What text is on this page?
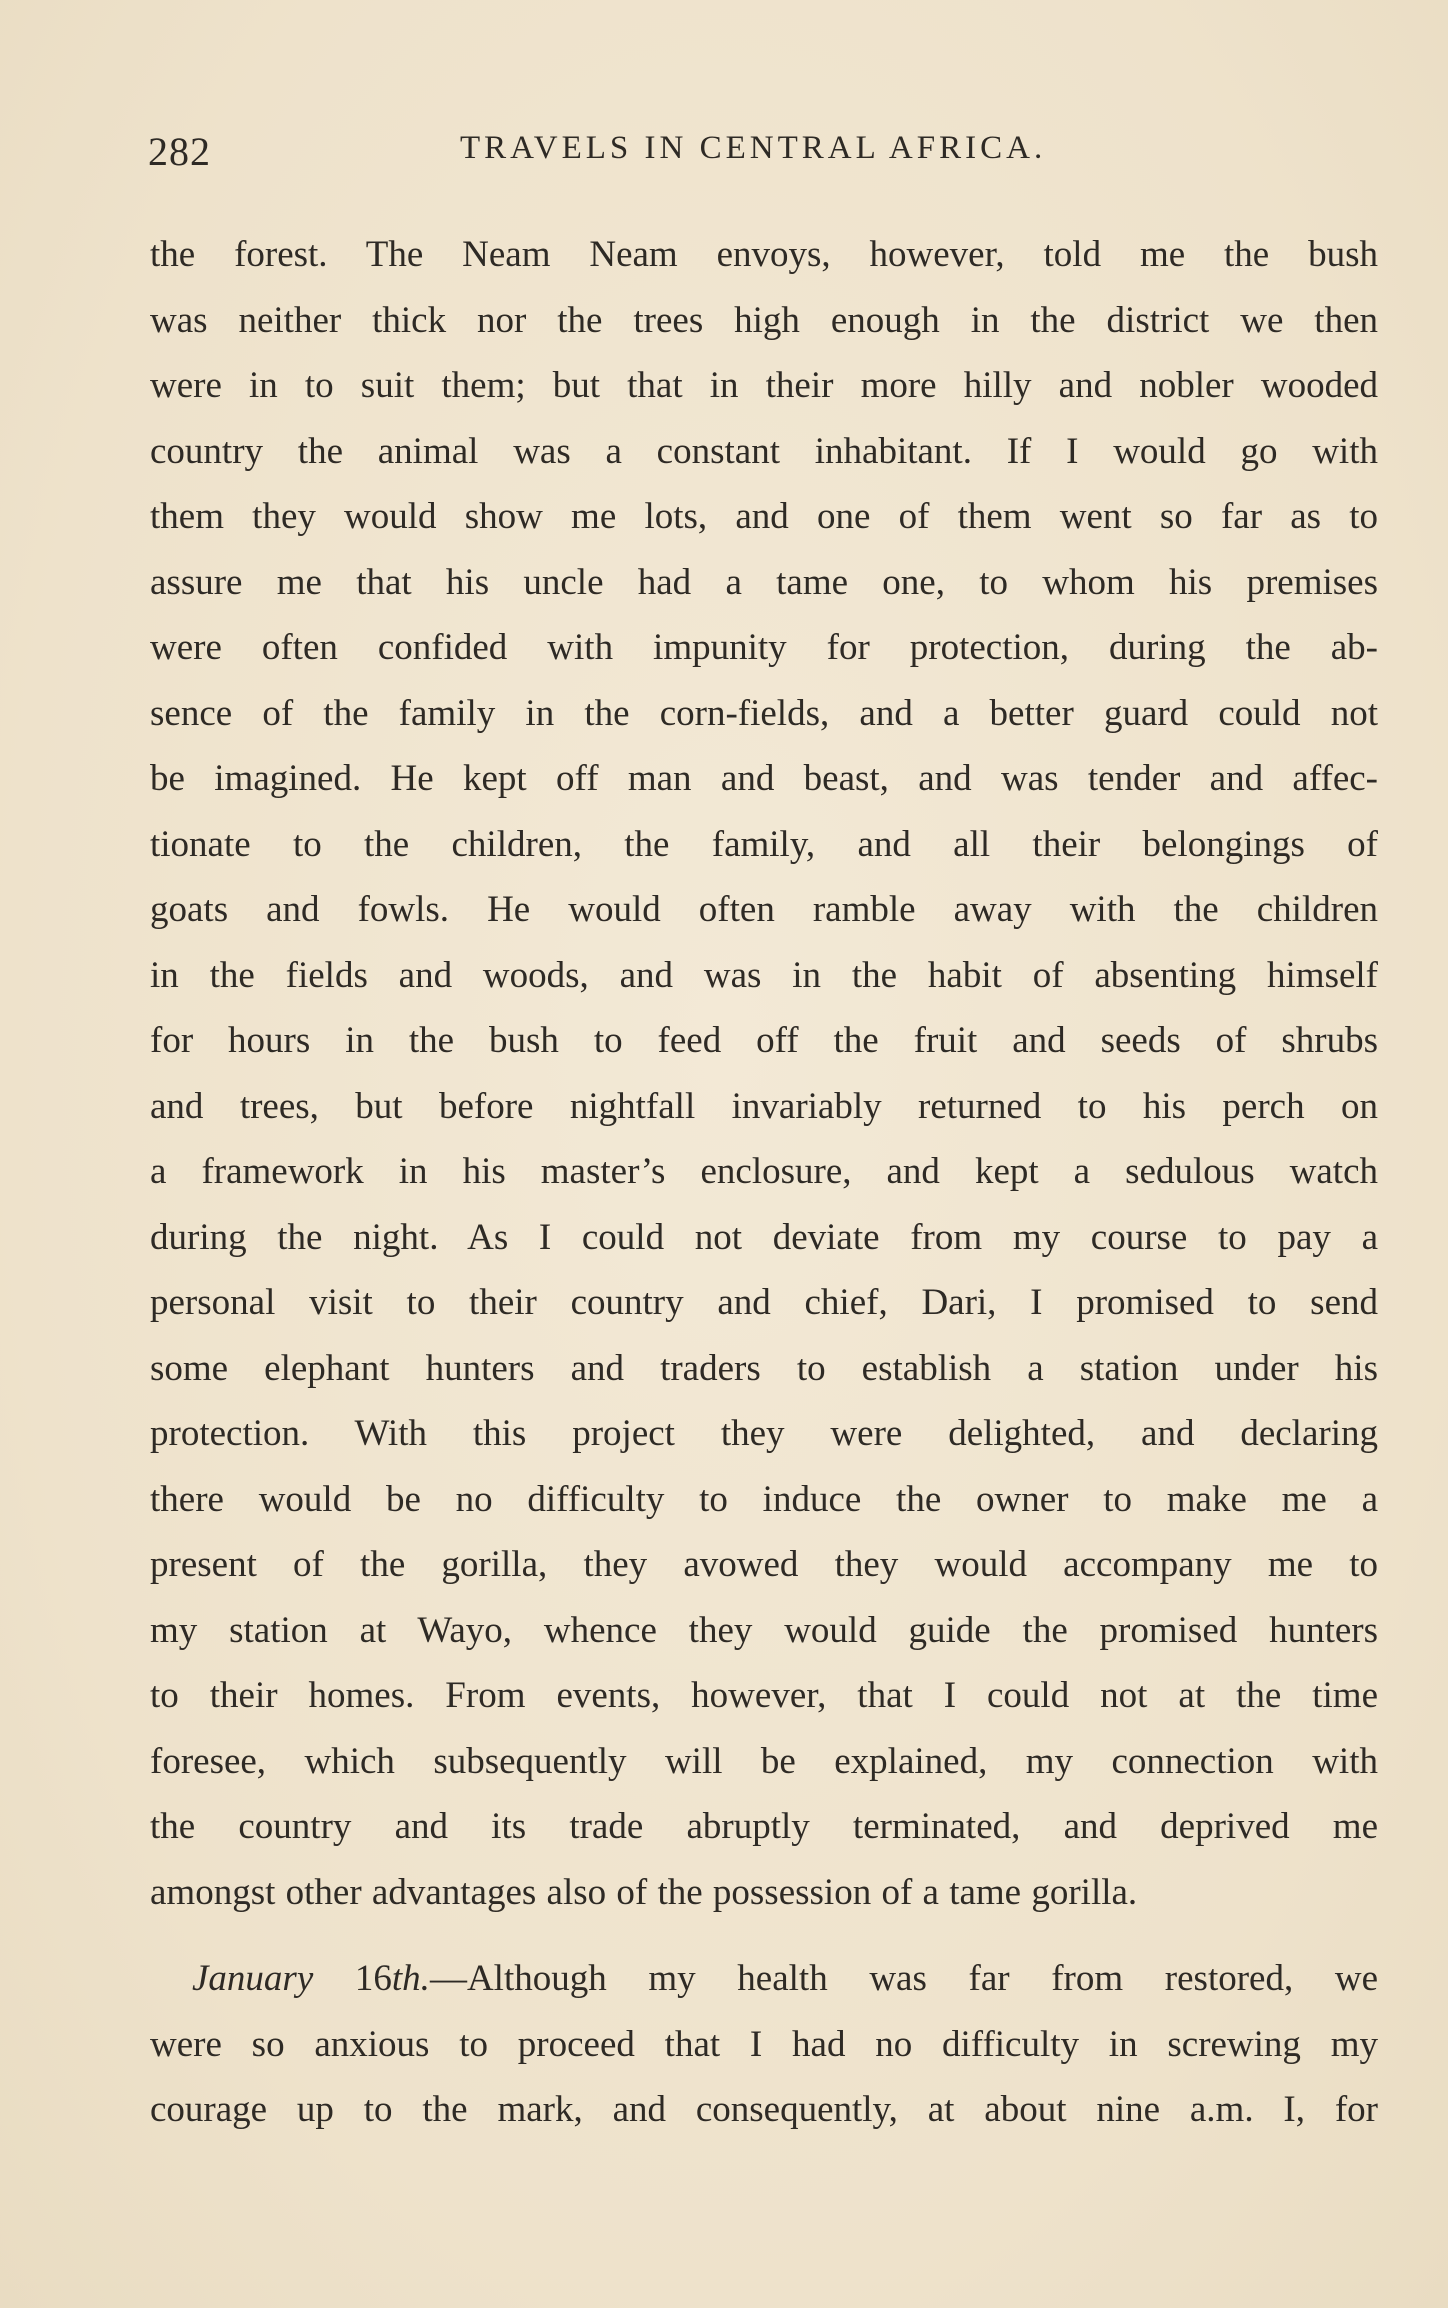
282	TRAVELS IN CENTRAL AFRICA.
the forest. The Neam Neam envoys, however, told me the bush
was neither thick nor the trees high enough in the district we then
were in to suit them; but that in their more hilly and nobler wooded
country the animal was a constant inhabitant. If I would go with
them they would show me lots, and one of them went so far as to
assure me that his uncle had a tame one, to whom his premises
were often confided with impunity for protection, during the ab-
sence of the family in the corn-fields, and a better guard could not
be imagined. He kept off man and beast, and was tender and affec-
tionate to the children, the family, and all their belongings of
goats and fowls. He would often ramble away with the children
in the fields and woods, and was in the habit of absenting himself
for hours in the bush to feed off the fruit and seeds of shrubs
and trees, but before nightfall invariably returned to his perch on
a framework in his master’s enclosure, and kept a sedulous watch
during the night. As I could not deviate from my course to pay a
personal visit to their country and chief, Dari, I promised to send
some elephant hunters and traders to establish a station under his
protection. With this project they were delighted, and declaring
there would be no difficulty to induce the owner to make me a
present of the gorilla, they avowed they would accompany me to
my station at Wayo, whence they would guide the promised hunters
to their homes. From events, however, that I could not at the time
foresee, which subsequently will be explained, my connection with
the country and its trade abruptly terminated, and deprived me
amongst other advantages also of the possession of a tame gorilla.
January 16th.—Although my health was far from restored, we
were so anxious to proceed that I had no difficulty in screwing my
courage up to the mark, and consequently, at about nine a.m. I, for
